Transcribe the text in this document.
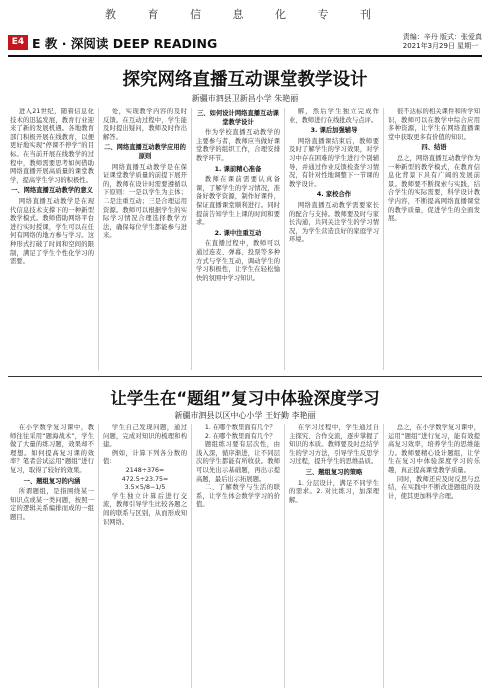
教 育 信 息 化 专 刊
E4 E 教 · 深阅读 DEEP READING	责编：辛丹 版式：张爱真
2021年3月29日 星期一
探究网络直播互动课堂教学设计
新疆市泗县卫新昌小学 朱艳丽

进入21世纪，随着信息化技术的迅猛发展，教育行业迎来了新的发展机遇。各地教育部门积极开展在线教育，以便更好地实现“停课不停学”的目标。在当前开展在线教学的过程中，教师需要思考如何借助网络直播开展高质量的课堂教学，提高学生学习的积极性。

一、网络直播互动教学的意义

网络直播互动教学是在现代信息技术支撑下的一种新型教学模式。教师借助网络平台进行实时授课，学生可以在任何有网络的地方参与学习。这种形式打破了时间和空间的限制，满足了学生个性化学习的需要。

处，实现教学内容的及时反馈。在互动过程中，学生能及时提出疑问，教师及时作出解答。

二、网络直播互动教学应用的原则

网络直播互动教学是在保证课堂教学质量的前提下展开的，教师在设计时需要遵循以下原则：一是以学生为主体；二是注重互动；三是合理运用资源。教师可以根据学生的实际学习情况合理选择教学方法，确保每位学生都能参与进来。

三、如何设计网络直播互动课堂教学设计

作为学校直播互动教学的主要参与者，教师应当做好课堂教学的组织工作，合理安排教学环节。

1. 课前精心准备

教师在课前需要认真备课，了解学生的学习情况，准备好教学资源，制作好课件，保证直播课堂顺利进行。同时提前告知学生上课的时间和要求。

2. 课中注重互动

在直播过程中，教师可以通过连麦、弹幕、投票等多种方式与学生互动，调动学生的学习积极性，让学生在轻松愉快的氛围中学习知识。

解，然后学生独立完成作业，教师进行在线批改与点评。

3. 课后加强辅导

网络直播课结束后，教师要及时了解学生的学习效果，对学习中存在困难的学生进行个别辅导，并通过作业反馈检查学习情况，有针对性地调整下一节课的教学设计。

4. 家校合作

网络直播互动教学需要家长的配合与支持。教师要及时与家长沟通，共同关注学生的学习情况，为学生营造良好的家庭学习环境。

很不达标的相关课件和所学知识，教师可以在教学中综合应用多种资源，让学生在网络直播课堂中获取更多有价值的知识。

四、结语

总之，网络直播互动教学作为一种新型的教学模式，在教育信息化背景下具有广阔的发展前景。教师要不断探索与实践，结合学生的实际需要，科学设计教学内容，不断提高网络直播课堂的教学质量，促进学生的全面发展。

让学生在“题组”复习中体验深度学习
新疆市泗县以区中心小学 王好勤 李艳丽

在小学数学复习课中，教师往往采用“题海战术”，学生做了大量的练习题，效果却不理想。如何提高复习课的效率？笔者尝试运用“题组”进行复习，取得了较好的效果。

一、题组复习的内涵

所谓题组，是指围绕某一知识点或某一类问题，按照一定的逻辑关系编排而成的一组题目。

学生自己发现问题，通过问题，完成对知识的梳理和构建。

例如，计算下列各分数的值：

2148÷376=

472.5÷23.75=

3.5×5/8−1/5

学生独立计算后进行交流，教师引导学生比较各题之间的联系与区别，从而形成知识网络。

1. 在哪个数里面有几个？

2. 在哪个数里面有几个？

题组练习要有层次性，由浅入深，循序渐进，让不同层次的学生都能有所收获。教师可以先出示基础题，再出示提高题，最后出示拓展题。

二、了解数学与生活的联系，让学生体会数学学习的价值。

在学习过程中，学生通过自主探究、合作交流，逐步掌握了知识的本质。教师要及时总结学生的学习方法，引导学生反思学习过程，提升学生的思维品质。

三、题组复习的策略

1. 分层设计，满足不同学生的需求。2. 对比练习，加深理解。

总之，在小学数学复习课中，运用“题组”进行复习，能有效提高复习效率，培养学生的思维能力。教师要精心设计题组，让学生在复习中体验深度学习的乐趣，真正提高课堂教学质量。

同时，教师还应及时反思与总结，在实践中不断改进题组的设计，使其更加科学合理。
